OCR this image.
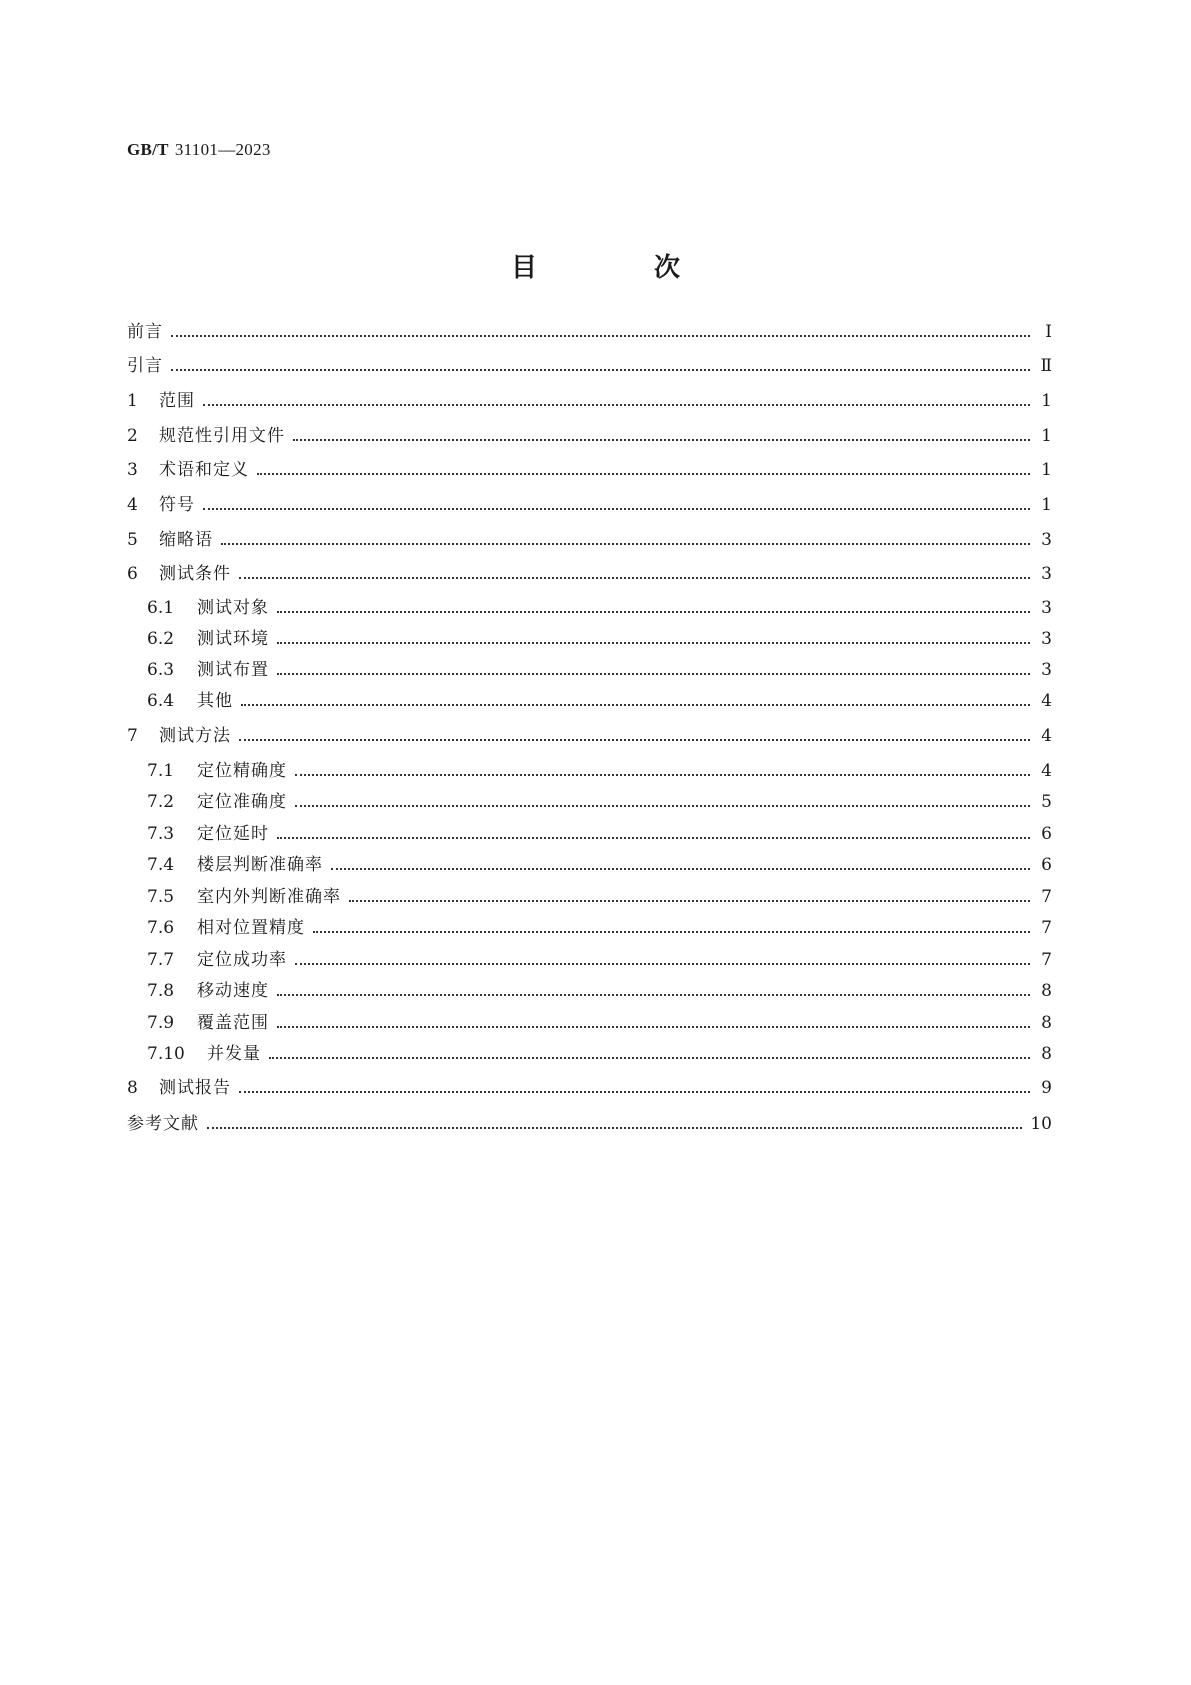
GB/T 31101—2023
目 次
前言	Ⅰ
引言	Ⅱ
1	范围	1
2	规范性引用文件	1
3	术语和定义	1
4	符号	1
5	缩略语	3
6	测试条件	3
6.1	测试对象	3
6.2	测试环境	3
6.3	测试布置	3
6.4	其他	4
7	测试方法	4
7.1	定位精确度	4
7.2	定位准确度	5
7.3	定位延时	6
7.4	楼层判断准确率	6
7.5	室内外判断准确率	7
7.6	相对位置精度	7
7.7	定位成功率	7
7.8	移动速度	8
7.9	覆盖范围	8
7.10	并发量	8
8	测试报告	9
参考文献	10
